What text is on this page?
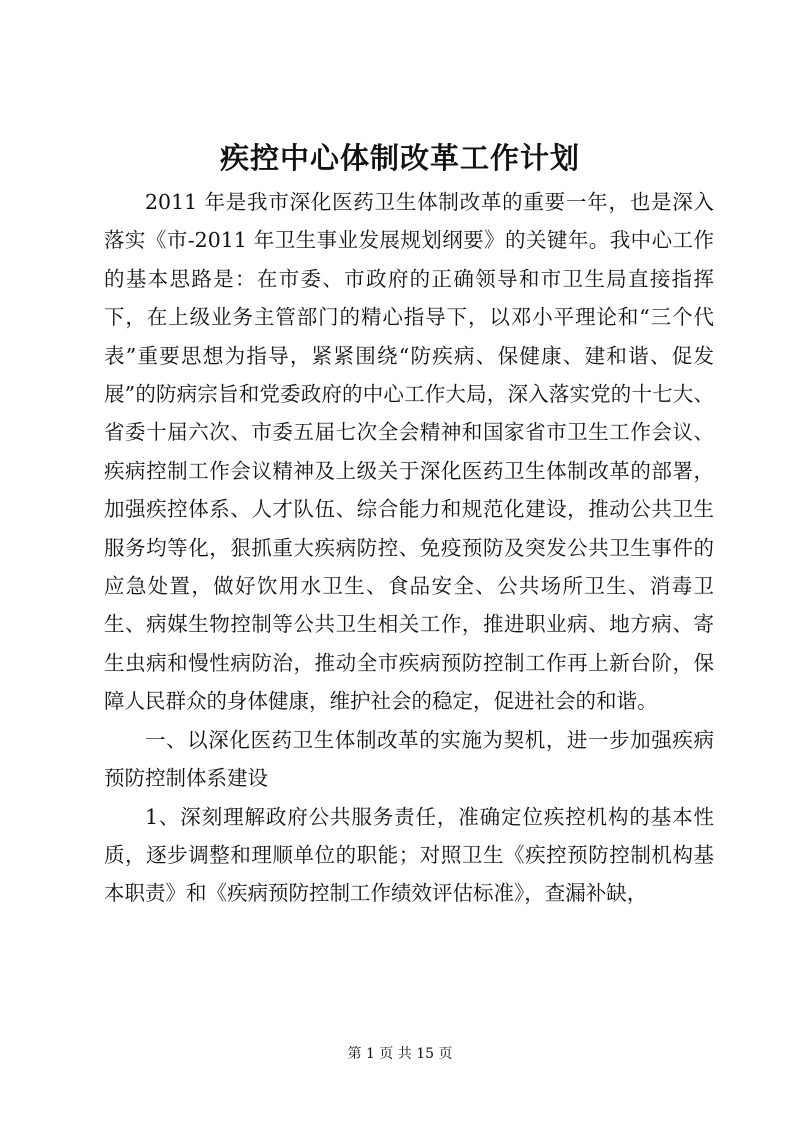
疾控中心体制改革工作计划

2011 年是我市深化医药卫生体制改革的重要一年，也是深入落实《市-2011 年卫生事业发展规划纲要》的关键年。我中心工作的基本思路是：在市委、市政府的正确领导和市卫生局直接指挥下，在上级业务主管部门的精心指导下，以邓小平理论和“三个代表”重要思想为指导，紧紧围绕“防疾病、保健康、建和谐、促发展”的防病宗旨和党委政府的中心工作大局，深入落实党的十七大、省委十届六次、市委五届七次全会精神和国家省市卫生工作会议、疾病控制工作会议精神及上级关于深化医药卫生体制改革的部署，加强疾控体系、人才队伍、综合能力和规范化建设，推动公共卫生服务均等化，狠抓重大疾病防控、免疫预防及突发公共卫生事件的应急处置，做好饮用水卫生、食品安全、公共场所卫生、消毒卫生、病媒生物控制等公共卫生相关工作，推进职业病、地方病、寄生虫病和慢性病防治，推动全市疾病预防控制工作再上新台阶，保障人民群众的身体健康，维护社会的稳定，促进社会的和谐。

一、以深化医药卫生体制改革的实施为契机，进一步加强疾病预防控制体系建设

1、深刻理解政府公共服务责任，准确定位疾控机构的基本性质，逐步调整和理顺单位的职能；对照卫生《疾控预防控制机构基本职责》和《疾病预防控制工作绩效评估标准》，查漏补缺，

第 1 页 共 15 页
